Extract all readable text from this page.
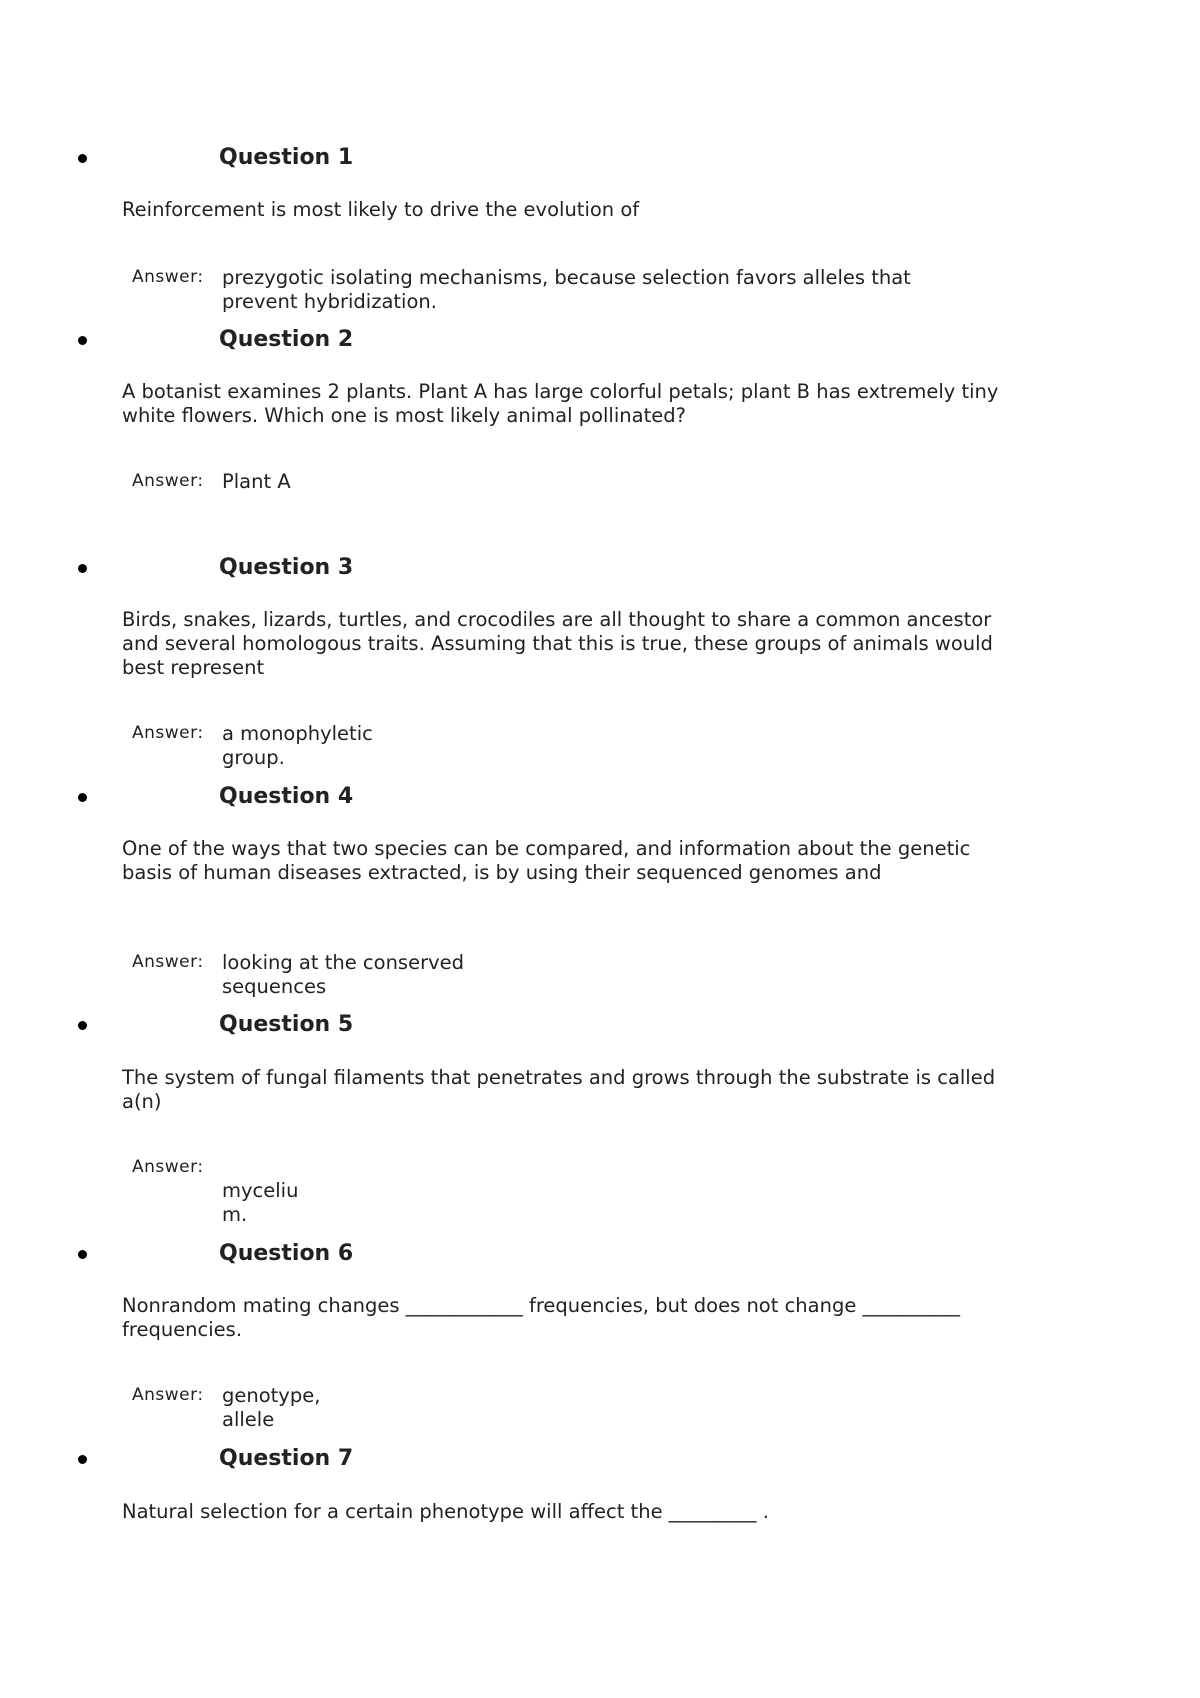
Question 1
Reinforcement is most likely to drive the evolution of
Answer: prezygotic isolating mechanisms, because selection favors alleles that prevent hybridization.
Question 2
A botanist examines 2 plants. Plant A has large colorful petals; plant B has extremely tiny white flowers. Which one is most likely animal pollinated?
Answer: Plant A
Question 3
Birds, snakes, lizards, turtles, and crocodiles are all thought to share a common ancestor and several homologous traits. Assuming that this is true, these groups of animals would best represent
Answer: a monophyletic group.
Question 4
One of the ways that two species can be compared, and information about the genetic basis of human diseases extracted, is by using their sequenced genomes and
Answer: looking at the conserved sequences
Question 5
The system of fungal filaments that penetrates and grows through the substrate is called a(n)
Answer:
mycelium.
Question 6
Nonrandom mating changes ____________ frequencies, but does not change __________ frequencies.
Answer: genotype, allele
Question 7
Natural selection for a certain phenotype will affect the _________ .
